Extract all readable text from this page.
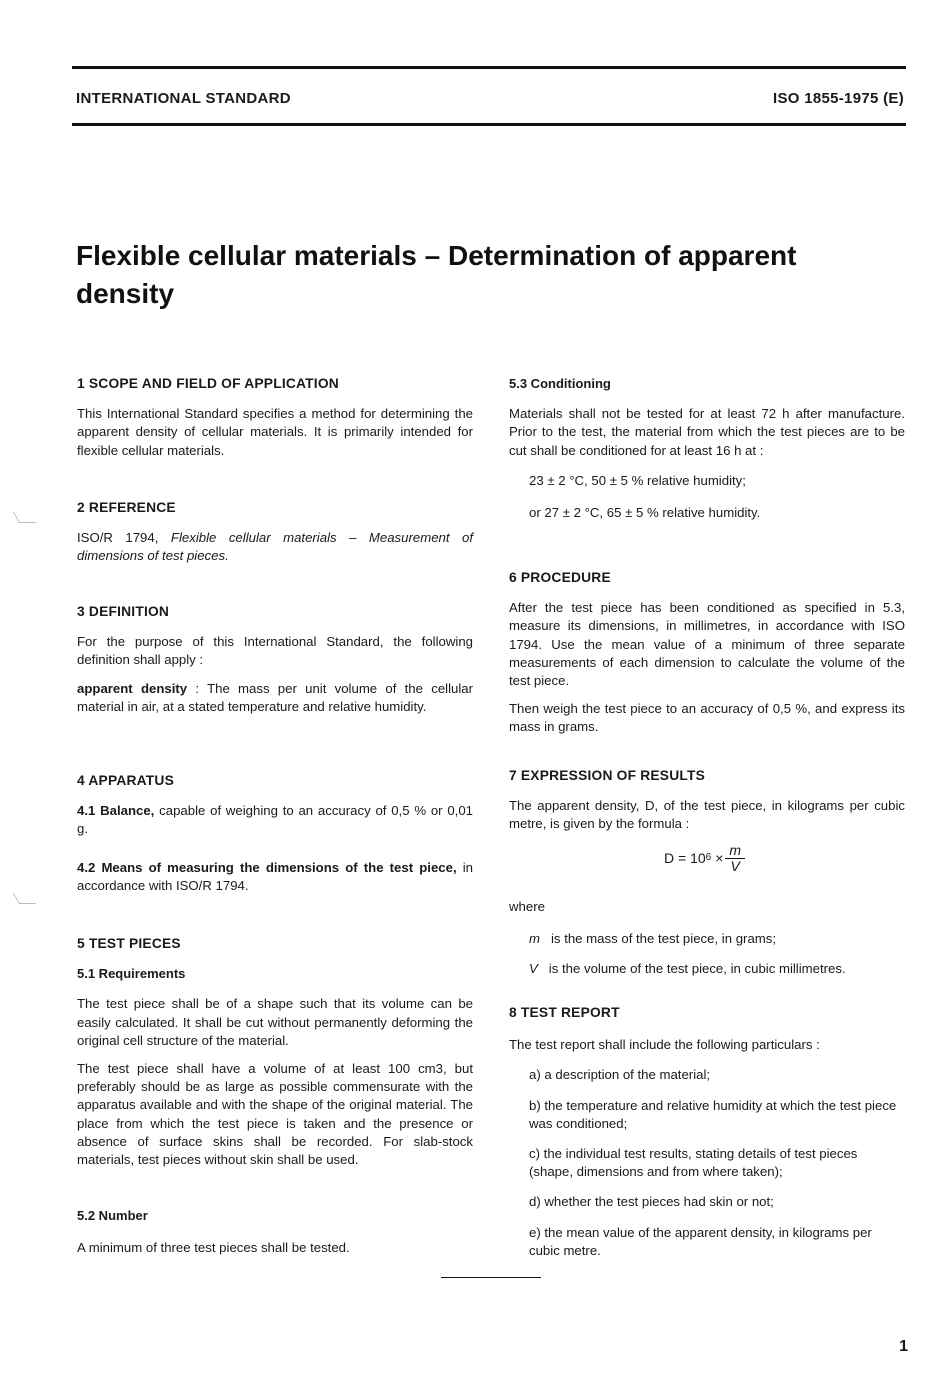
INTERNATIONAL STANDARD	ISO 1855-1975 (E)
Flexible cellular materials – Determination of apparent density
1 SCOPE AND FIELD OF APPLICATION
This International Standard specifies a method for determining the apparent density of cellular materials. It is primarily intended for flexible cellular materials.
2 REFERENCE
ISO/R 1794, Flexible cellular materials – Measurement of dimensions of test pieces.
3 DEFINITION
For the purpose of this International Standard, the following definition shall apply :
apparent density : The mass per unit volume of the cellular material in air, at a stated temperature and relative humidity.
4 APPARATUS
4.1 Balance, capable of weighing to an accuracy of 0,5 % or 0,01 g.
4.2 Means of measuring the dimensions of the test piece, in accordance with ISO/R 1794.
5 TEST PIECES
5.1 Requirements
The test piece shall be of a shape such that its volume can be easily calculated. It shall be cut without permanently deforming the original cell structure of the material.
The test piece shall have a volume of at least 100 cm3, but preferably should be as large as possible commensurate with the apparatus available and with the shape of the original material. The place from which the test piece is taken and the presence or absence of surface skins shall be recorded. For slab-stock materials, test pieces without skin shall be used.
5.2 Number
A minimum of three test pieces shall be tested.
5.3 Conditioning
Materials shall not be tested for at least 72 h after manufacture. Prior to the test, the material from which the test pieces are to be cut shall be conditioned for at least 16 h at :
23 ± 2 °C, 50 ± 5 % relative humidity;
or 27 ± 2 °C, 65 ± 5 % relative humidity.
6 PROCEDURE
After the test piece has been conditioned as specified in 5.3, measure its dimensions, in millimetres, in accordance with ISO 1794. Use the mean value of a minimum of three separate measurements of each dimension to calculate the volume of the test piece.
Then weigh the test piece to an accuracy of 0,5 %, and express its mass in grams.
7 EXPRESSION OF RESULTS
The apparent density, D, of the test piece, in kilograms per cubic metre, is given by the formula :
D = 10 $6 \times \frac{m}{V}$
where
m is the mass of the test piece, in grams;
V is the volume of the test piece, in cubic millimetres.
8 TEST REPORT
The test report shall include the following particulars :
a) a description of the material;
b) the temperature and relative humidity at which the test piece was conditioned;
c) the individual test results, stating details of test pieces (shape, dimensions and from where taken);
d) whether the test pieces had skin or not;
e) the mean value of the apparent density, in kilograms per cubic metre.
1
